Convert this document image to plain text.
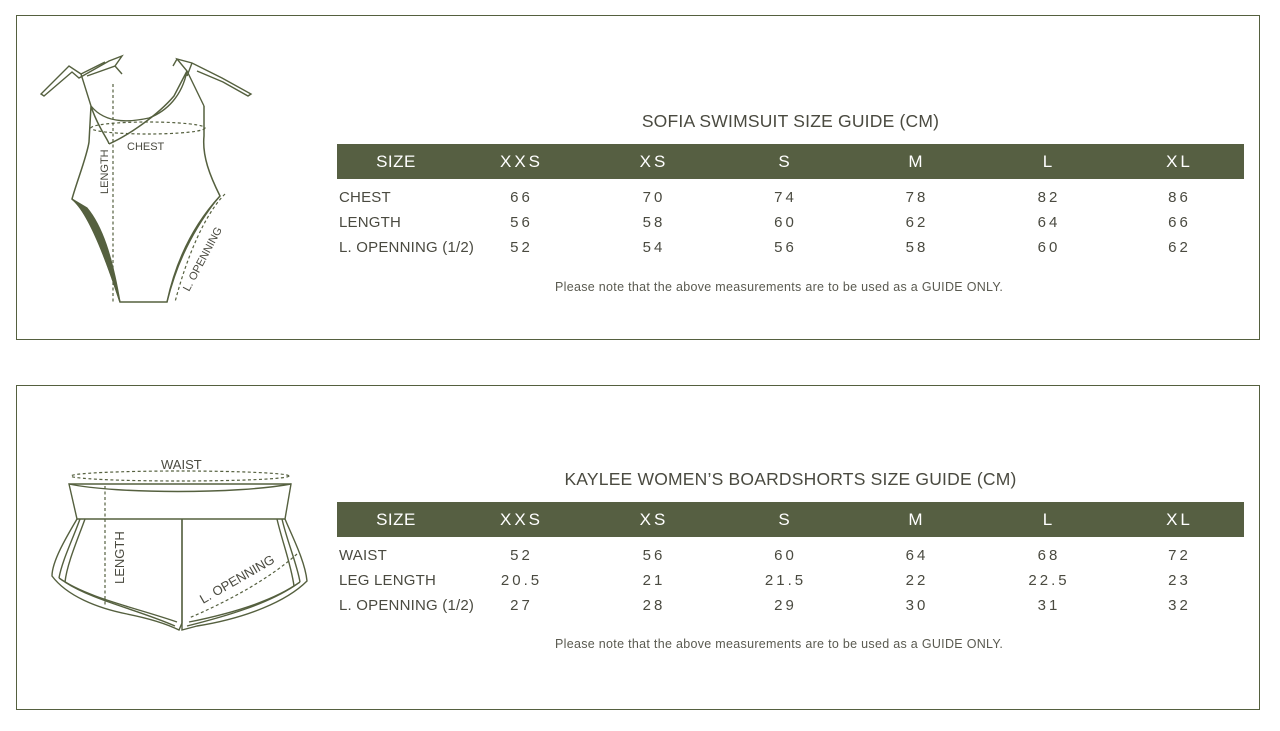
CHEST
LENGTH
L. OPENNING
SOFIA SWIMSUIT SIZE GUIDE (CM)
SIZE	XXS	XS	S	M	L	XL
CHEST	66	70	74	78	82	86
LENGTH	56	58	60	62	64	66
L. OPENNING (1/2)	52	54	56	58	60	62
Please note that the above measurements are to be used as a GUIDE ONLY.
WAIST
LENGTH	L. OPENNING
KAYLEE WOMEN’S BOARDSHORTS SIZE GUIDE (CM)
SIZE	XXS	XS	S	M	L	XL
WAIST	52	56	60	64	68	72
LEG LENGTH	20.5	21	21.5	22	22.5	23
L. OPENNING (1/2)	27	28	29	30	31	32
Please note that the above measurements are to be used as a GUIDE ONLY.
